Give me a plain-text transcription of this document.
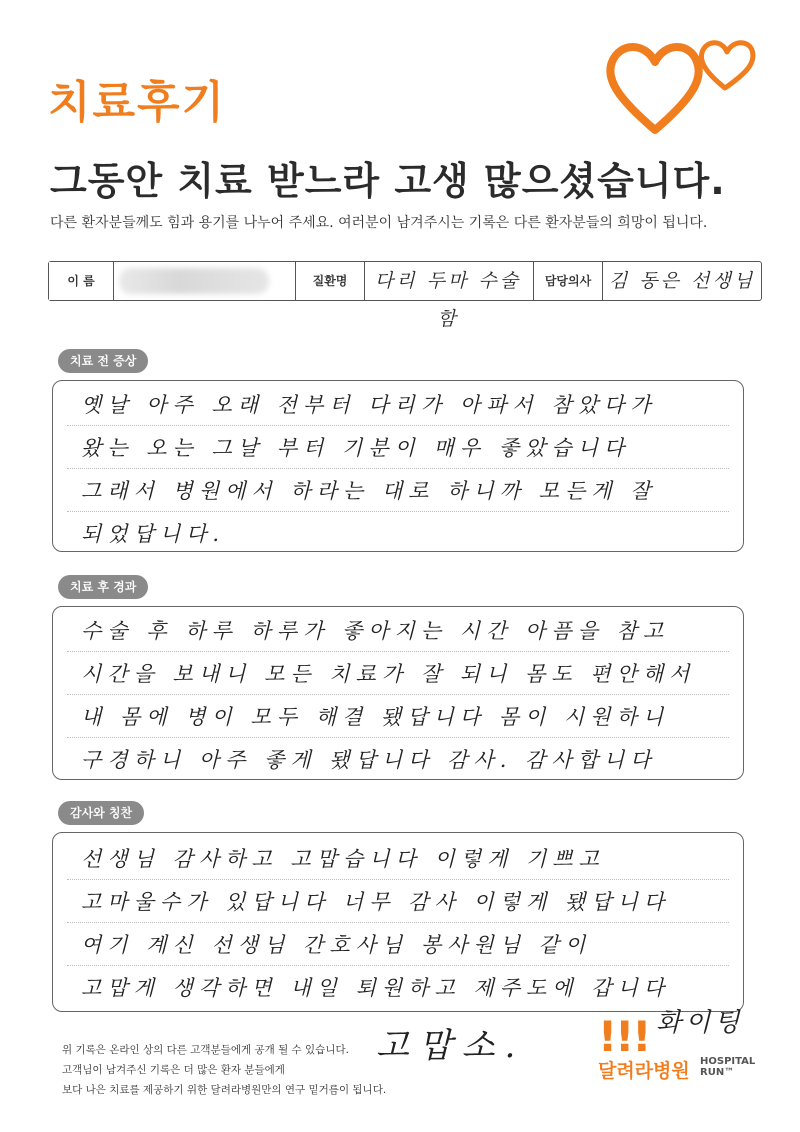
치료후기
그동안 치료 받느라 고생 많으셨습니다.
다른 환자분들께도 힘과 용기를 나누어 주세요. 여러분이 남겨주시는 기록은 다른 환자분들의 희망이 됩니다.
이 름	질환명	다리 두마 수술함
담당의사 김 동은 선생님
치료 전 증상
옛날 아주 오래 전부터 다리가 아파서 참았다가
왔는 오는 그날 부터 기분이 매우 좋았습니다
그래서 병원에서 하라는 대로 하니까 모든게 잘
되었답니다.
치료 후 경과
수술 후 하루 하루가 좋아지는 시간 아픔을 참고
시간을 보내니 모든 치료가 잘 되니 몸도 편안해서
내 몸에 병이 모두 해결 됐답니다 몸이 시원하니
구경하니 아주 좋게 됐답니다 감사. 감사합니다
감사와 칭찬
선생님 감사하고 고맙습니다 이렇게 기쁘고
고마울수가 있답니다 너무 감사 이렇게 됐답니다
여기 계신 선생님 간호사님 봉사원님 같이
고맙게 생각하면 내일 퇴원하고 제주도에 갑니다
고맙소.
화이팅
위 기록은 온라인 상의 다른 고객분들에게 공개 될 수 있습니다.
고객님이 남겨주신 기록은 더 많은 환자 분들에게
보다 나은 치료를 제공하기 위한 달려라병원만의 연구 밑거름이 됩니다.
!!!
달려라병원 HOSPITAL
RUN™
